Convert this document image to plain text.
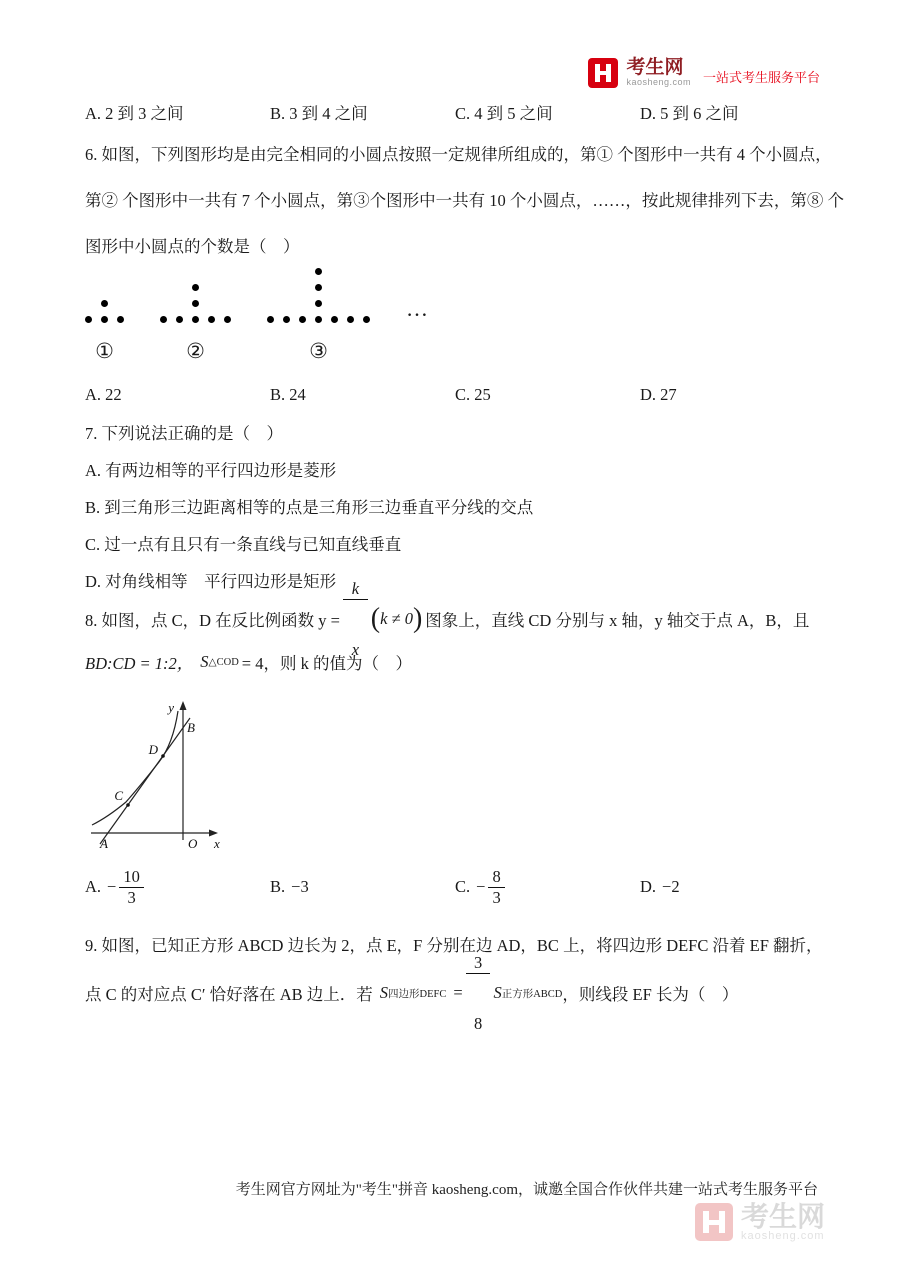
考生网
kaosheng.com 一站式考生服务平台
A. 2 到 3 之间	B. 3 到 4 之间	C. 4 到 5 之间	D. 5 到 6 之间
6. 如图，下列图形均是由完全相同的小圆点按照一定规律所组成的，第① 个图形中一共有 4 个小圆点，
第② 个图形中一共有 7 个小圆点，第③个图形中一共有 10 个小圆点，……，按此规律排列下去，第⑧ 个
图形中小圆点的个数是（　）
①	②	③
…
A. 22	B. 24	C. 25	D. 27
7. 下列说法正确的是（　）
A. 有两边相等的平行四边形是菱形
B. 到三角形三边距离相等的点是三角形三边垂直平分线的交点
C. 过一点有且只有一条直线与已知直线垂直
D. 对角线相等　平行四边形是矩形
8. 如图，点 C，D 在反比例函数 y =

$\frac{k}{x}$

( k ≠ 0 ) 图象上，直线 CD 分别与 x 轴，y 轴交于点 A，B，且
BD:CD = 1:2， S △COD = 4，则 k 的值为（　）
y
B
D
C
A	O x
A. − $\frac{10}{3}$	B. −3	C. − $\frac{8}{3}$	D. −2
9. 如图，已知正方形 ABCD 边长为 2，点 E，F 分别在边 AD，BC 上，将四边形 DEFC 沿着 EF 翻折，
点 C 的对应点 C′ 恰好落在 AB 边上．若 S 四边形DEFC =

$\frac{3}{8}$

S 正方形ABCD ，则线段 EF 长为（　）
考生网官方网址为"考生"拼音 kaosheng.com，诚邀全国合作伙伴共建一站式考生服务平台
考生网
kaosheng.com
